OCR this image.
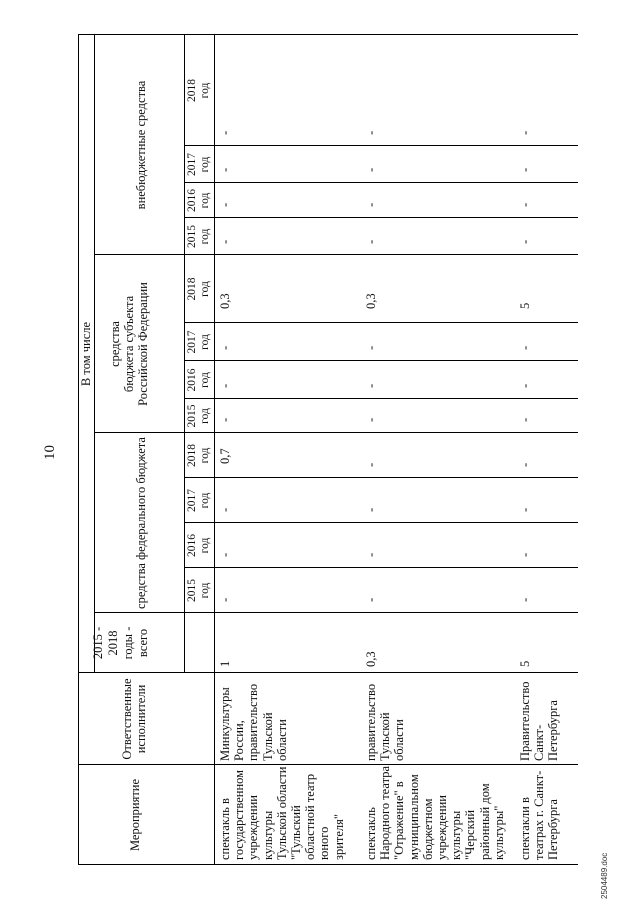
10
2504489.doc
Мероприятие
Ответственные исполнители
2015 - 2018 годы - всего
В том числе
средства федерального бюджета
средства бюджета субъекта Российской Федерации
внебюджетные средства
2015 год
2016 год
2017 год
2018 год
2015 год
2016 год
2017 год
2018 год
2015 год
2016 год
2017 год
2018 год
спектакль в государственном учреждении культуры Тульской области "Тульский областной театр юного зрителя"
Минкультуры России, правительство Тульской области
спектакль Народного театра "Отражение" в муниципальном бюджетном учреждении культуры "Черский районный дом культуры"
правительство Тульской области
спектакли в театрах г. Санкт- Петербурга
Правительство Санкт- Петербурга
1
-
-
-
0,7
-
-
-
0,3
-
-
-
-
0,3
-
-
-
-
-
-
-
0,3
-
-
-
-
5
-
-
-
-
-
-
-
5
-
-
-
-
